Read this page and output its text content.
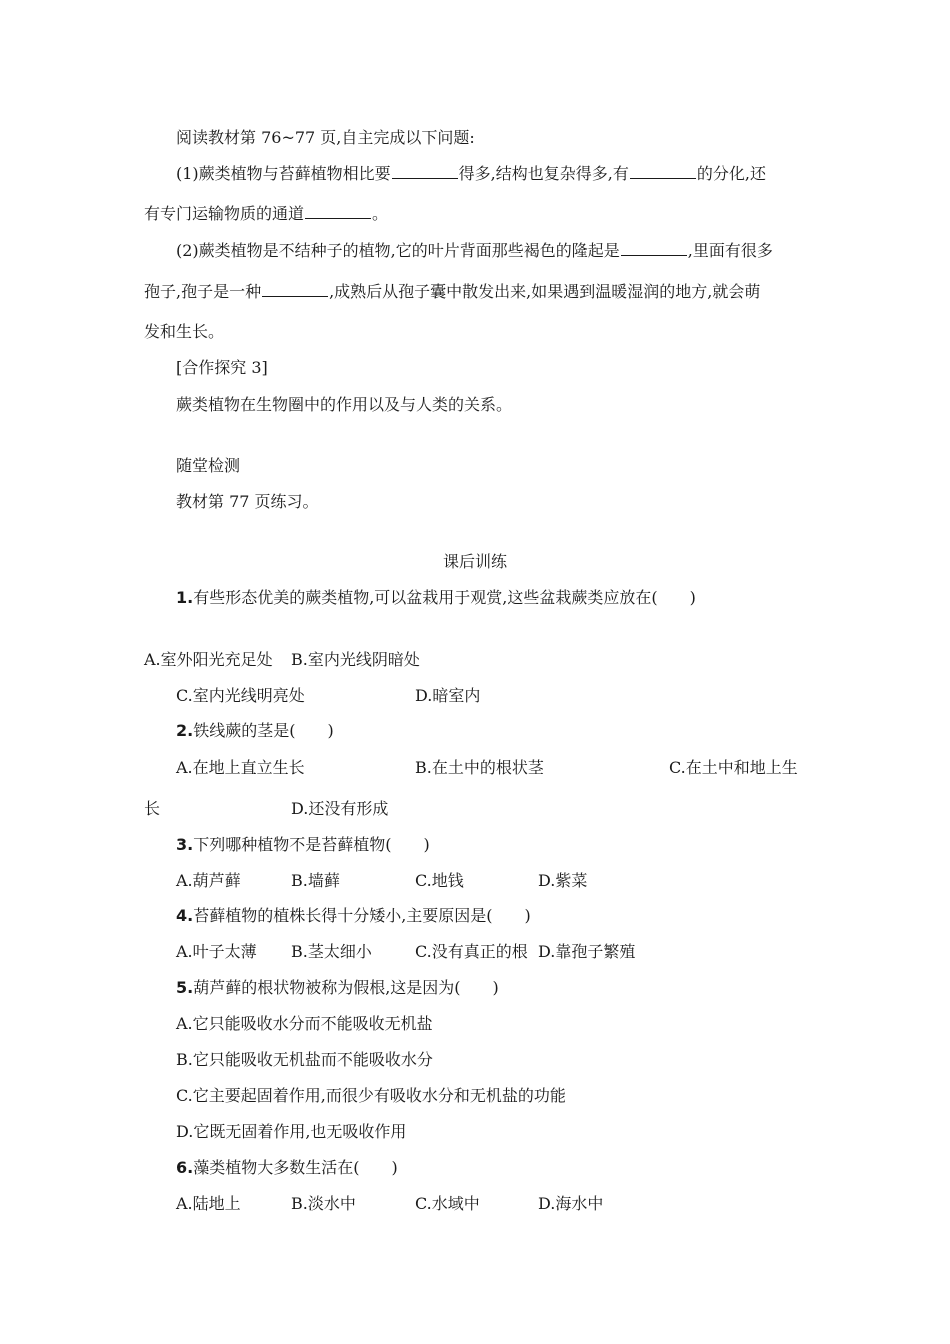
阅读教材第 76~77 页,自主完成以下问题:
(1)蕨类植物与苔藓植物相比要	得多,结构也复杂得多,有	的分化,还
有专门运输物质的通道	。
(2)蕨类植物是不结种子的植物,它的叶片背面那些褐色的隆起是	,里面有很多
孢子,孢子是一种	,成熟后从孢子囊中散发出来,如果遇到温暖湿润的地方,就会萌
发和生长。
[合作探究 3]
蕨类植物在生物圈中的作用以及与人类的关系。
随堂检测
教材第 77 页练习。
课后训练
1.有些形态优美的蕨类植物,可以盆栽用于观赏,这些盆栽蕨类应放在(　　)
A.室外阳光充足处 B.室内光线阴暗处
C.室内光线明亮处	D.暗室内
2.铁线蕨的茎是(　　)
A.在地上直立生长	B.在土中的根状茎	C.在土中和地上生
长	D.还没有形成
3.下列哪种植物不是苔藓植物(　　)
A.葫芦藓	B.墙藓	C.地钱	D.紫菜
4.苔藓植物的植株长得十分矮小,主要原因是(　　)
A.叶子太薄 B.茎太细小	C.没有真正的根 D.靠孢子繁殖
5.葫芦藓的根状物被称为假根,这是因为(　　)
A.它只能吸收水分而不能吸收无机盐
B.它只能吸收无机盐而不能吸收水分
C.它主要起固着作用,而很少有吸收水分和无机盐的功能
D.它既无固着作用,也无吸收作用
6.藻类植物大多数生活在(　　)
A.陆地上	B.淡水中	C.水域中	D.海水中
